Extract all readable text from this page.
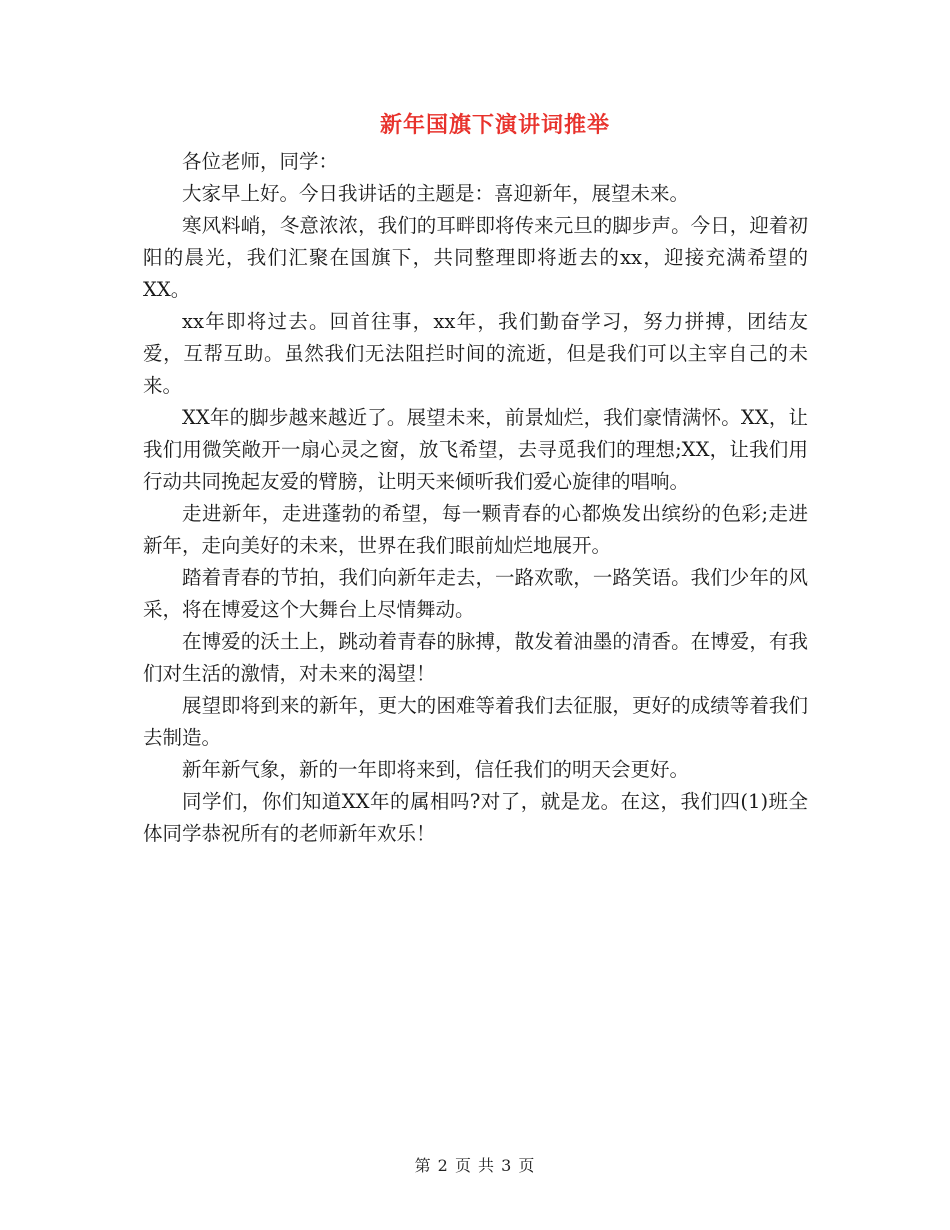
新年国旗下演讲词推举

各位老师，同学：

大家早上好。今日我讲话的主题是：喜迎新年，展望未来。

寒风料峭，冬意浓浓，我们的耳畔即将传来元旦的脚步声。今日，迎着初阳的晨光，我们汇聚在国旗下，共同整理即将逝去的xx，迎接充满希望的XX。

xx年即将过去。回首往事，xx年，我们勤奋学习，努力拼搏，团结友爱，互帮互助。虽然我们无法阻拦时间的流逝，但是我们可以主宰自己的未来。

XX年的脚步越来越近了。展望未来，前景灿烂，我们豪情满怀。XX，让我们用微笑敞开一扇心灵之窗，放飞希望，去寻觅我们的理想;XX，让我们用行动共同挽起友爱的臂膀，让明天来倾听我们爱心旋律的唱响。

走进新年，走进蓬勃的希望，每一颗青春的心都焕发出缤纷的色彩;走进新年，走向美好的未来，世界在我们眼前灿烂地展开。

踏着青春的节拍，我们向新年走去，一路欢歌，一路笑语。我们少年的风采，将在博爱这个大舞台上尽情舞动。

在博爱的沃土上，跳动着青春的脉搏，散发着油墨的清香。在博爱，有我们对生活的激情，对未来的渴望！

展望即将到来的新年，更大的困难等着我们去征服，更好的成绩等着我们去制造。

新年新气象，新的一年即将来到，信任我们的明天会更好。

同学们，你们知道XX年的属相吗?对了，就是龙。在这，我们四(1)班全体同学恭祝所有的老师新年欢乐！

第 2 页 共 3 页
